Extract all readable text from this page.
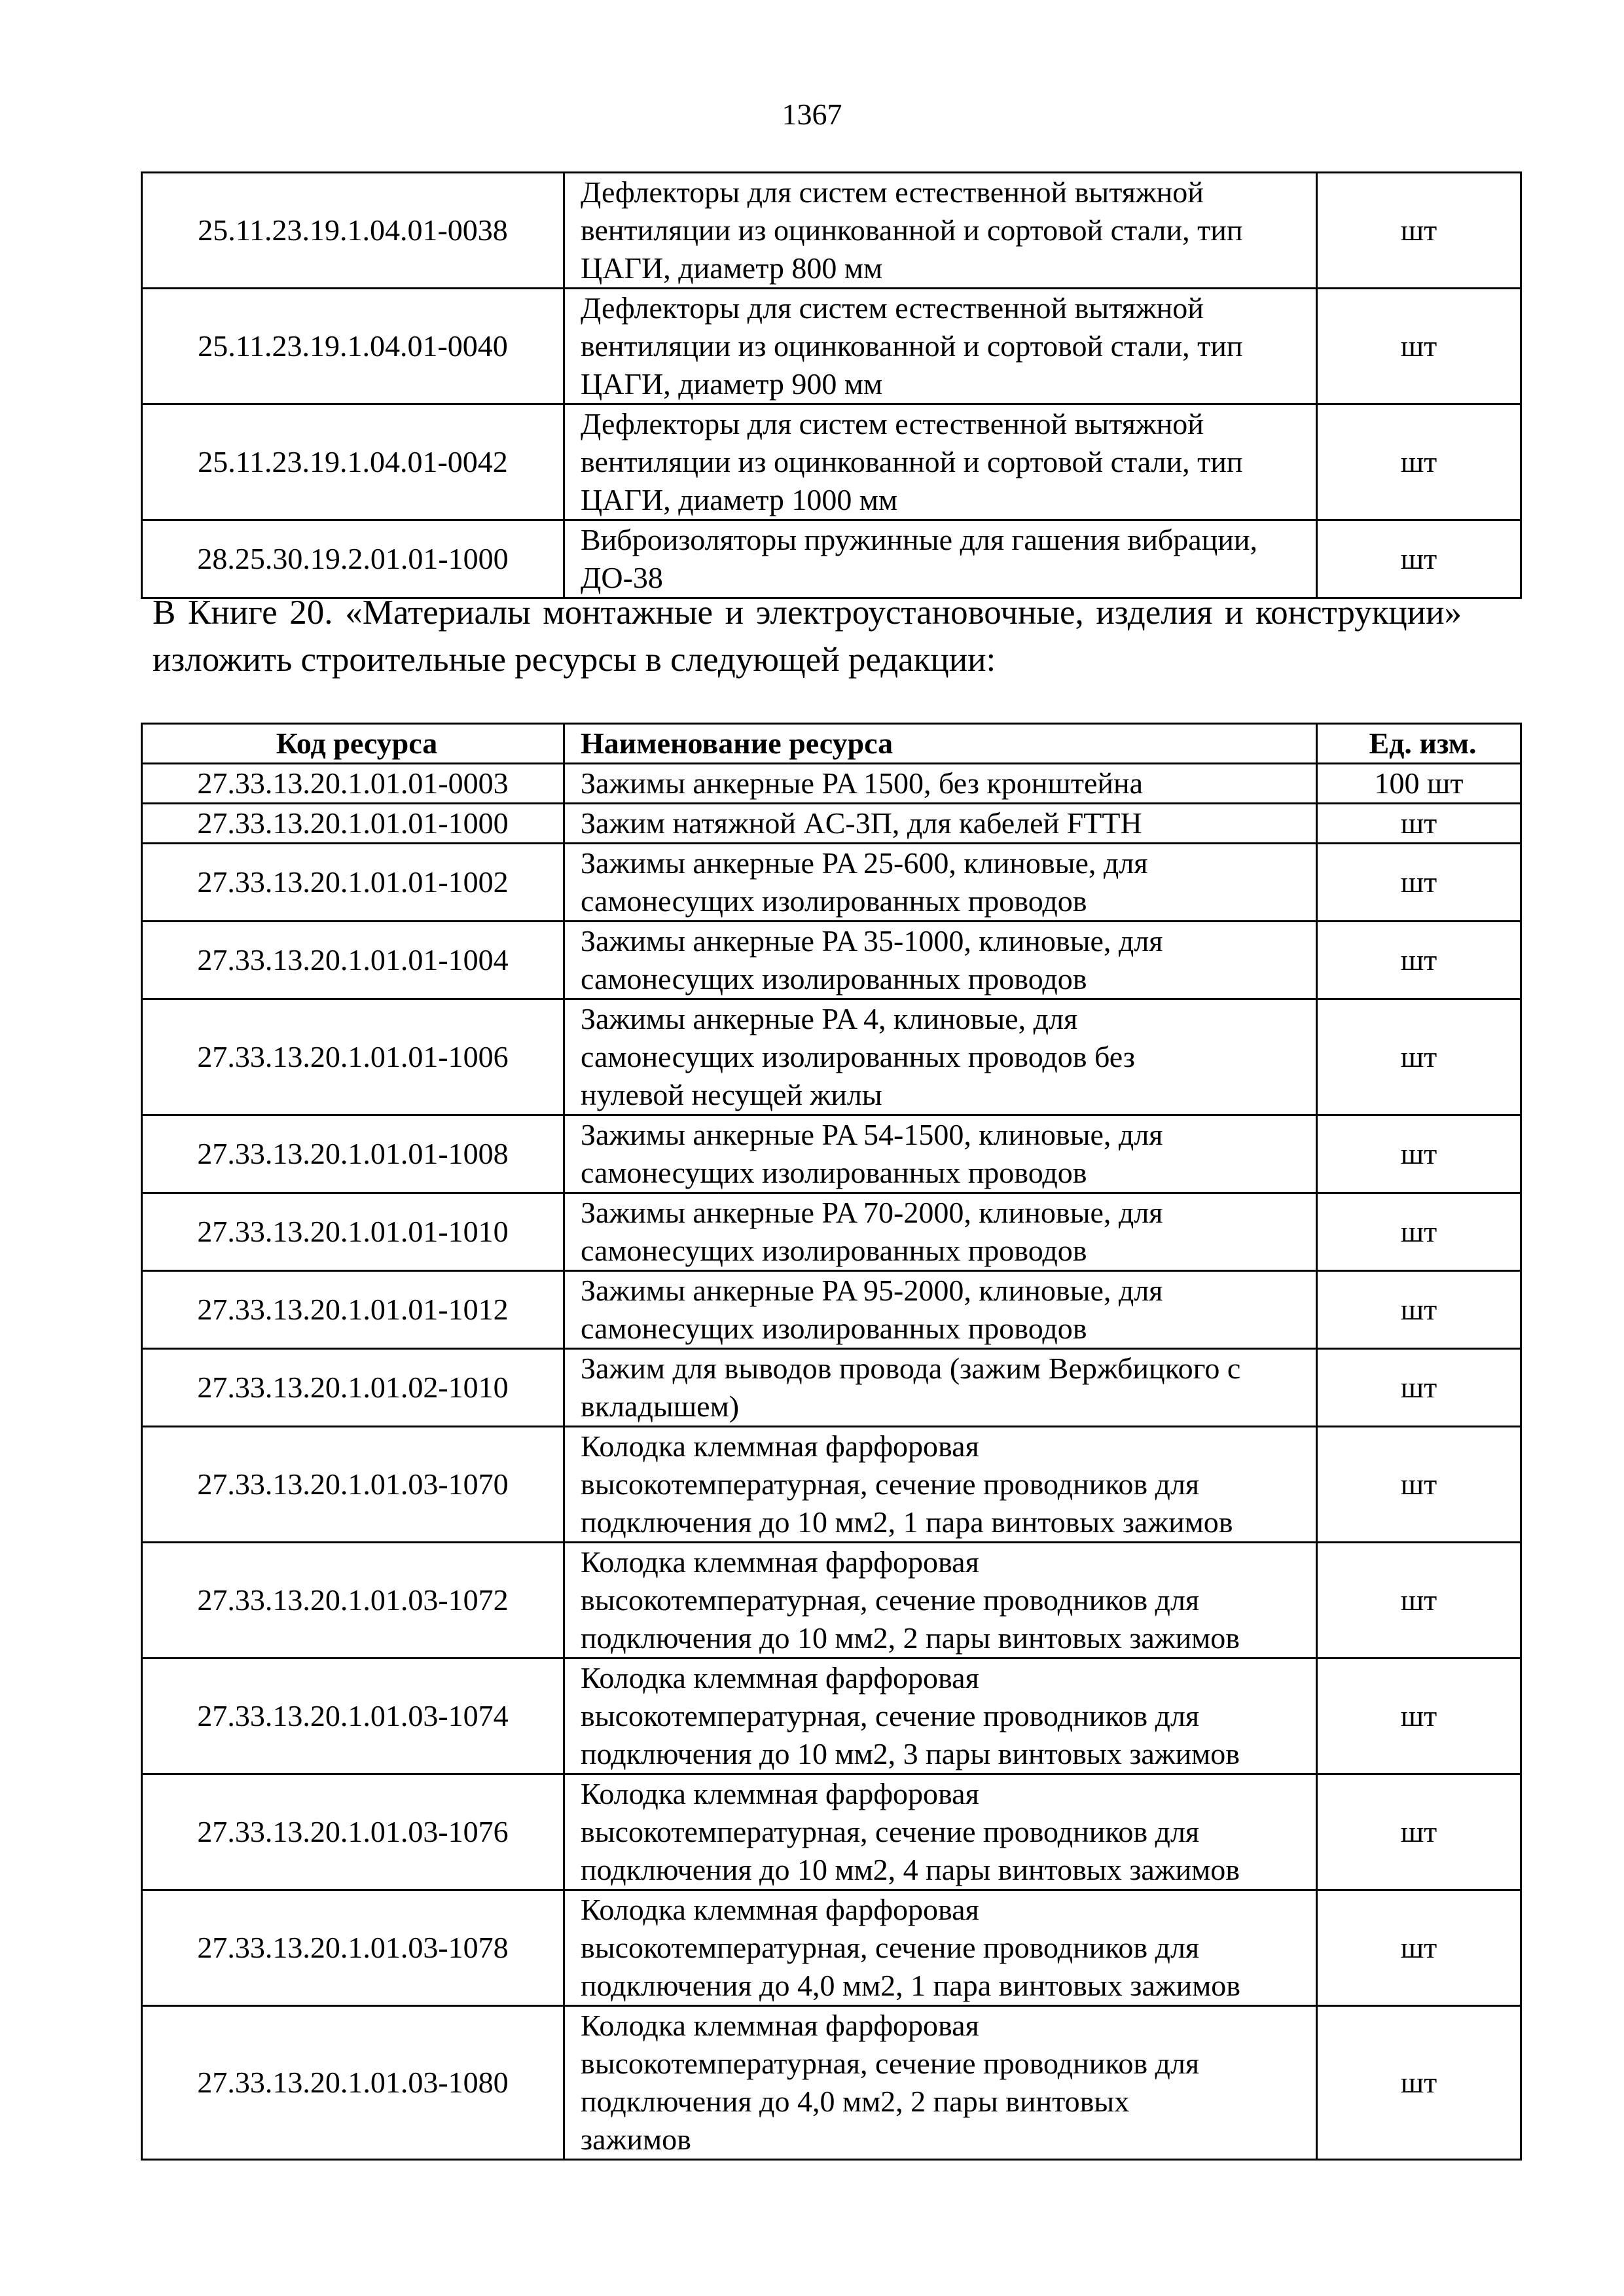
1367
25.11.23.19.1.04.01-0038	Дефлекторы для систем естественной вытяжной
вентиляции из оцинкованной и сортовой стали, тип
ЦАГИ, диаметр 800 мм	шт
25.11.23.19.1.04.01-0040	Дефлекторы для систем естественной вытяжной
вентиляции из оцинкованной и сортовой стали, тип
ЦАГИ, диаметр 900 мм	шт
25.11.23.19.1.04.01-0042	Дефлекторы для систем естественной вытяжной
вентиляции из оцинкованной и сортовой стали, тип
ЦАГИ, диаметр 1000 мм	шт
28.25.30.19.2.01.01-1000	Виброизоляторы пружинные для гашения вибрации,
ДО-38	шт
В Книге 20. «Материалы монтажные и электроустановочные, изделия и конструкции» изложить строительные ресурсы в следующей редакции:
Код ресурса	Наименование ресурса	Ед. изм.
27.33.13.20.1.01.01-0003	Зажимы анкерные PA 1500, без кронштейна	100 шт
27.33.13.20.1.01.01-1000	Зажим натяжной AC-3П, для кабелей FTTH	шт
27.33.13.20.1.01.01-1002	Зажимы анкерные PA 25-600, клиновые, для
самонесущих изолированных проводов	шт
27.33.13.20.1.01.01-1004	Зажимы анкерные PA 35-1000, клиновые, для
самонесущих изолированных проводов	шт
27.33.13.20.1.01.01-1006	Зажимы анкерные PA 4, клиновые, для
самонесущих изолированных проводов без
нулевой несущей жилы	шт
27.33.13.20.1.01.01-1008	Зажимы анкерные PA 54-1500, клиновые, для
самонесущих изолированных проводов	шт
27.33.13.20.1.01.01-1010	Зажимы анкерные PA 70-2000, клиновые, для
самонесущих изолированных проводов	шт
27.33.13.20.1.01.01-1012	Зажимы анкерные PA 95-2000, клиновые, для
самонесущих изолированных проводов	шт
27.33.13.20.1.01.02-1010	Зажим для выводов провода (зажим Вержбицкого с
вкладышем)	шт
27.33.13.20.1.01.03-1070	Колодка клеммная фарфоровая
высокотемпературная, сечение проводников для
подключения до 10 мм2, 1 пара винтовых зажимов	шт
27.33.13.20.1.01.03-1072	Колодка клеммная фарфоровая
высокотемпературная, сечение проводников для
подключения до 10 мм2, 2 пары винтовых зажимов	шт
27.33.13.20.1.01.03-1074	Колодка клеммная фарфоровая
высокотемпературная, сечение проводников для
подключения до 10 мм2, 3 пары винтовых зажимов	шт
27.33.13.20.1.01.03-1076	Колодка клеммная фарфоровая
высокотемпературная, сечение проводников для
подключения до 10 мм2, 4 пары винтовых зажимов	шт
27.33.13.20.1.01.03-1078	Колодка клеммная фарфоровая
высокотемпературная, сечение проводников для
подключения до 4,0 мм2, 1 пара винтовых зажимов	шт
27.33.13.20.1.01.03-1080	Колодка клеммная фарфоровая
высокотемпературная, сечение проводников для
подключения до 4,0 мм2, 2 пары винтовых
зажимов	шт
